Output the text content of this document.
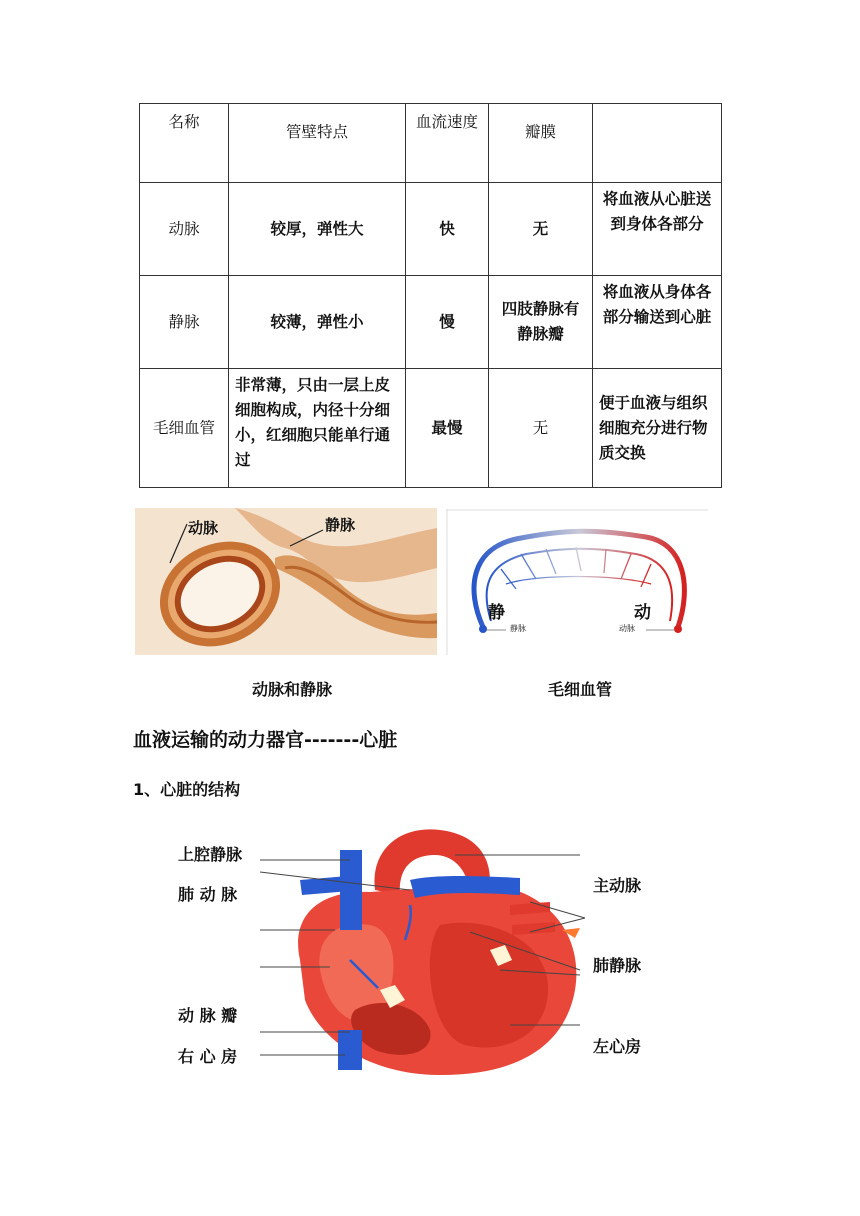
名称	管壁特点	血流速度	瓣膜	
动脉	较厚，弹性大	快	无	将血液从心脏送到身体各部分
静脉	较薄，弹性小	慢	四肢静脉有静脉瓣	将血液从身体各部分输送到心脏
毛细血管	非常薄，只由一层上皮细胞构成，内径十分细小，红细胞只能单行通过	最慢	无	便于血液与组织细胞充分进行物质交换
动脉	静脉
静	动
静脉	动脉
动脉和静脉	毛细血管
血液运输的动力器官-------心脏
1、心脏的结构
上腔静脉
肺 动 脉
动 脉 瓣
右 心 房
主动脉
肺静脉
左心房
